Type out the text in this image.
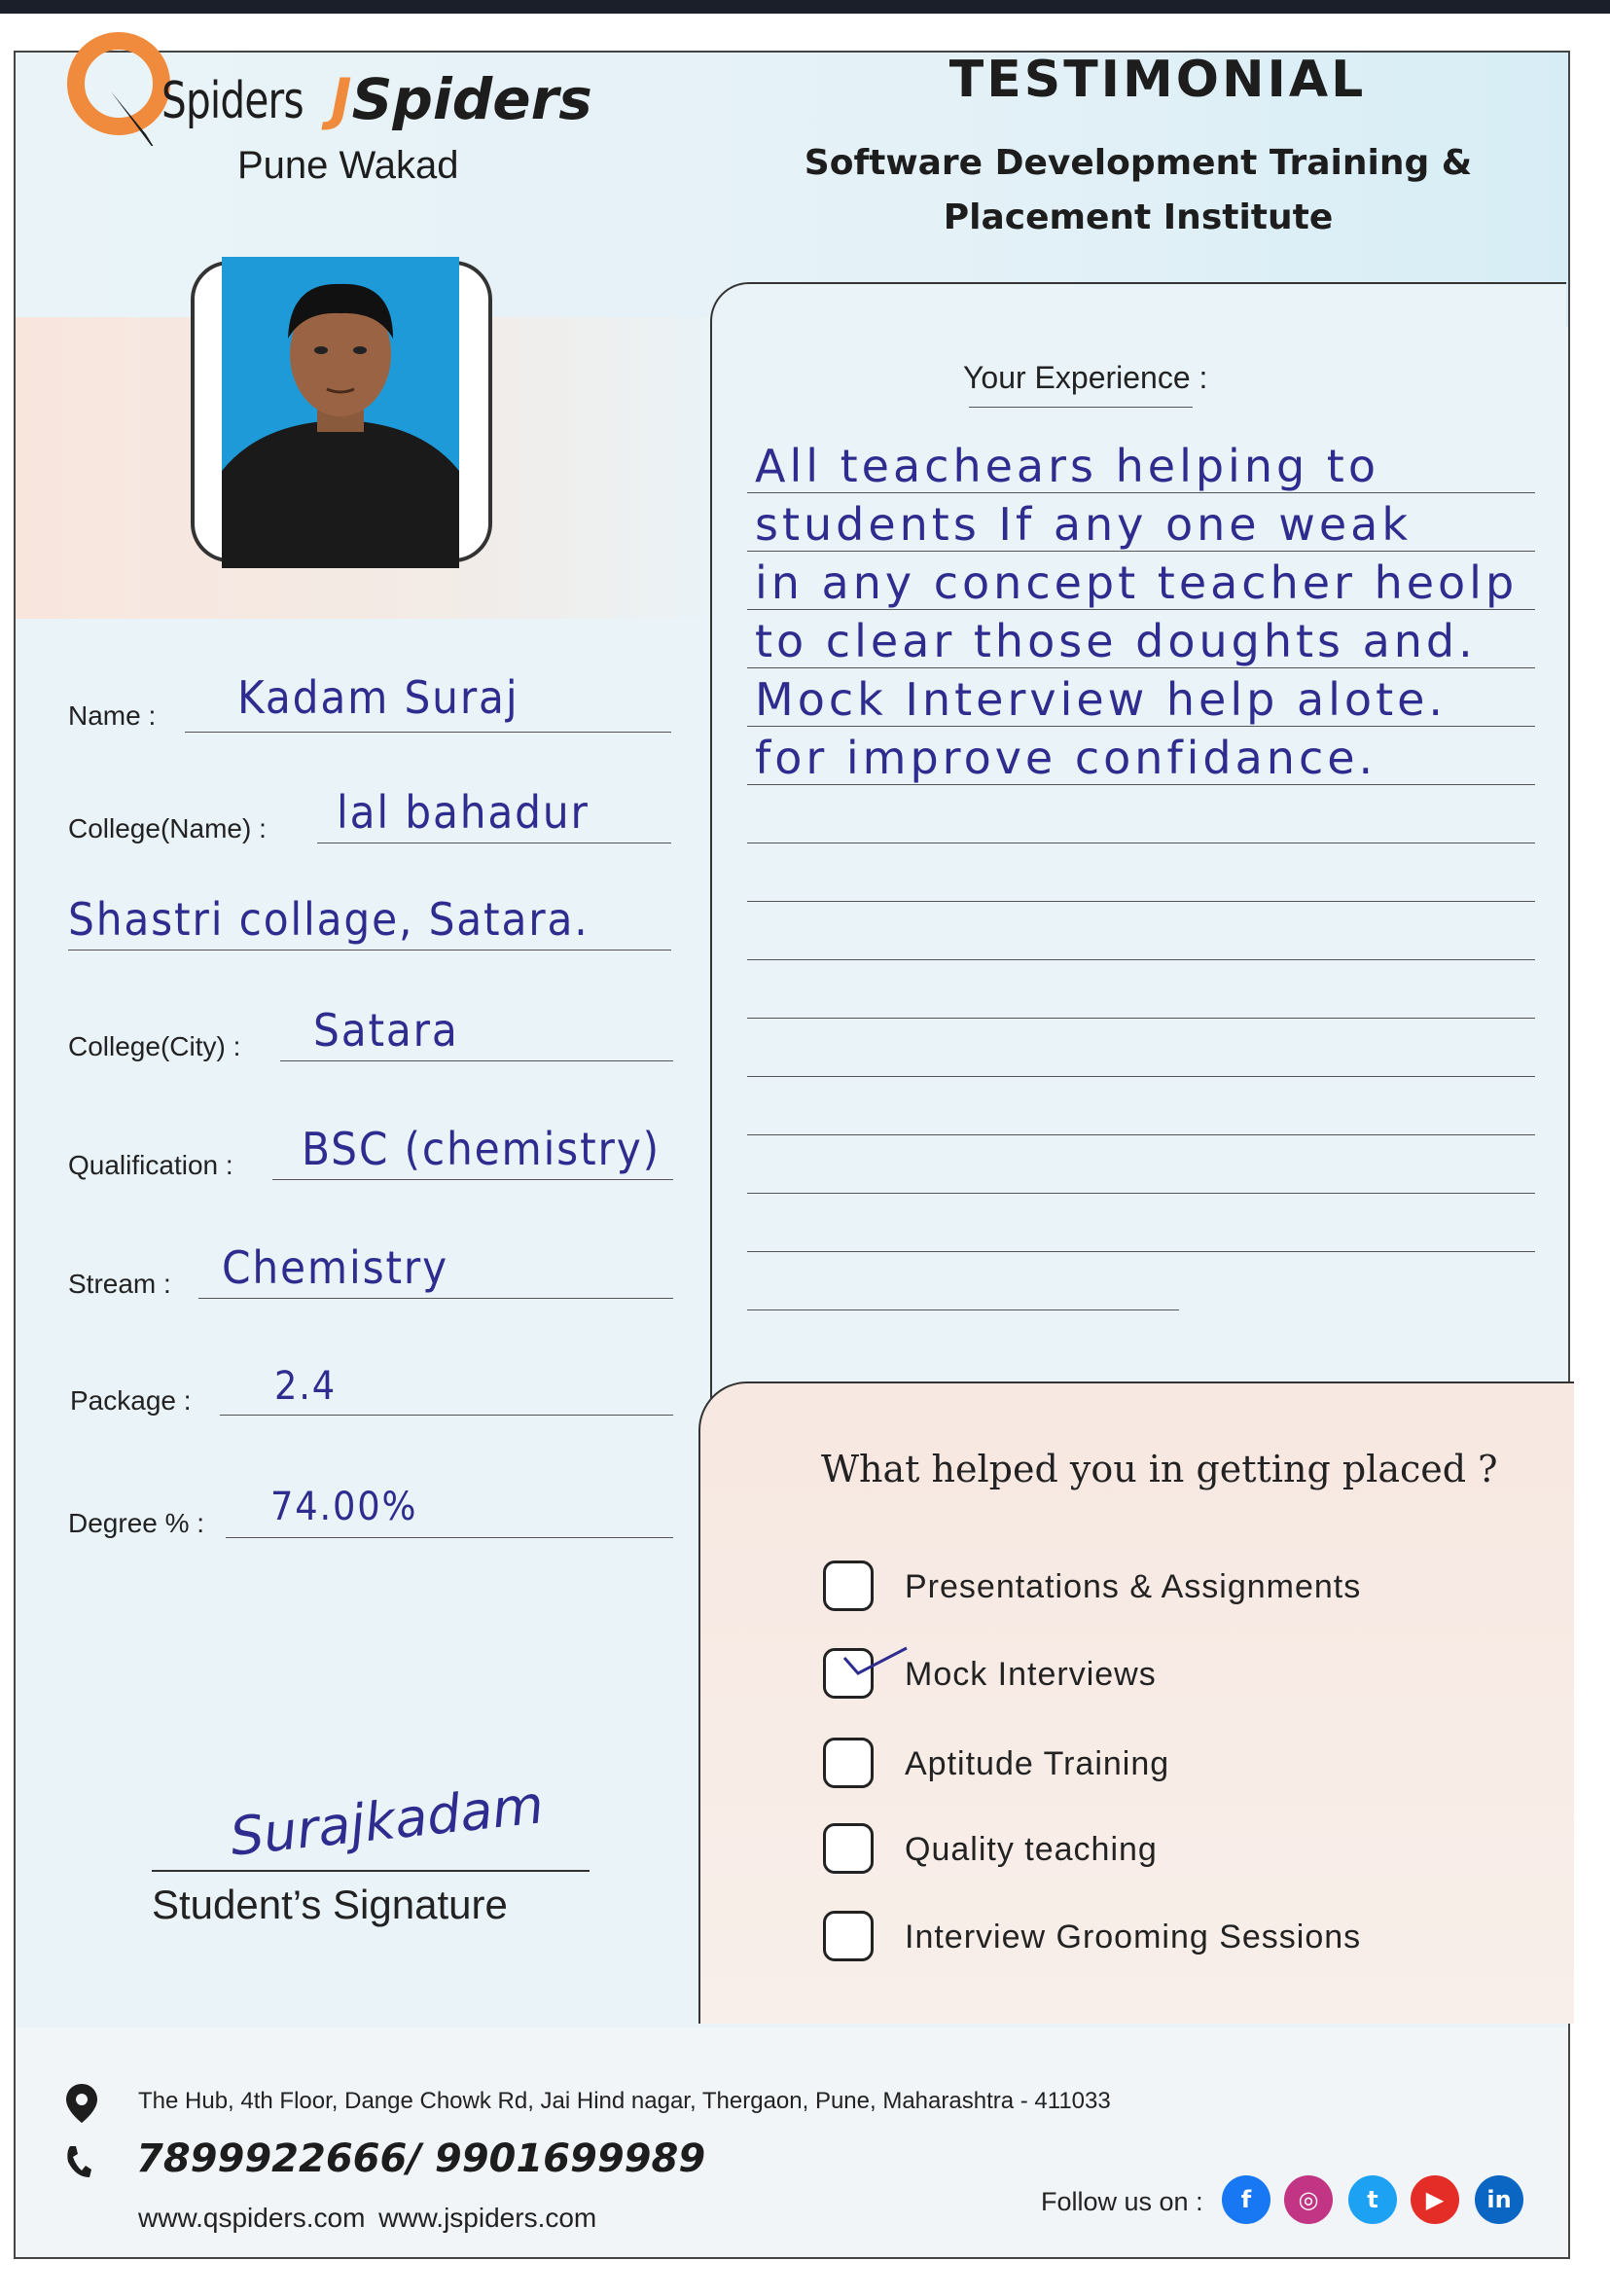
Spiders JSpiders
Pune Wakad
TESTIMONIAL
Software Development Training &
Placement Institute
Name : Kadam Suraj
College(Name) : lal bahadur
Shastri collage, Satara.
College(City) : Satara
Qualification : BSC (chemistry)
Stream : Chemistry
Package : 2.4
Degree % : 74.00%
Your Experience :
All teachears helping to
students If any one weak
in any concept teacher heolp
to clear those doughts and.
Mock Interview help alote.
for improve confidance.
What helped you in getting placed ?
Presentations & Assignments
Mock Interviews
Aptitude Training
Quality teaching
Interview Grooming Sessions
Surajkadam
Student’s Signature
The Hub, 4th Floor, Dange Chowk Rd, Jai Hind nagar, Thergaon, Pune, Maharashtra - 411033
7899922666/ 9901699989
www.qspiders.com www.jspiders.com
Follow us on :	f	◎	t	▶	in
